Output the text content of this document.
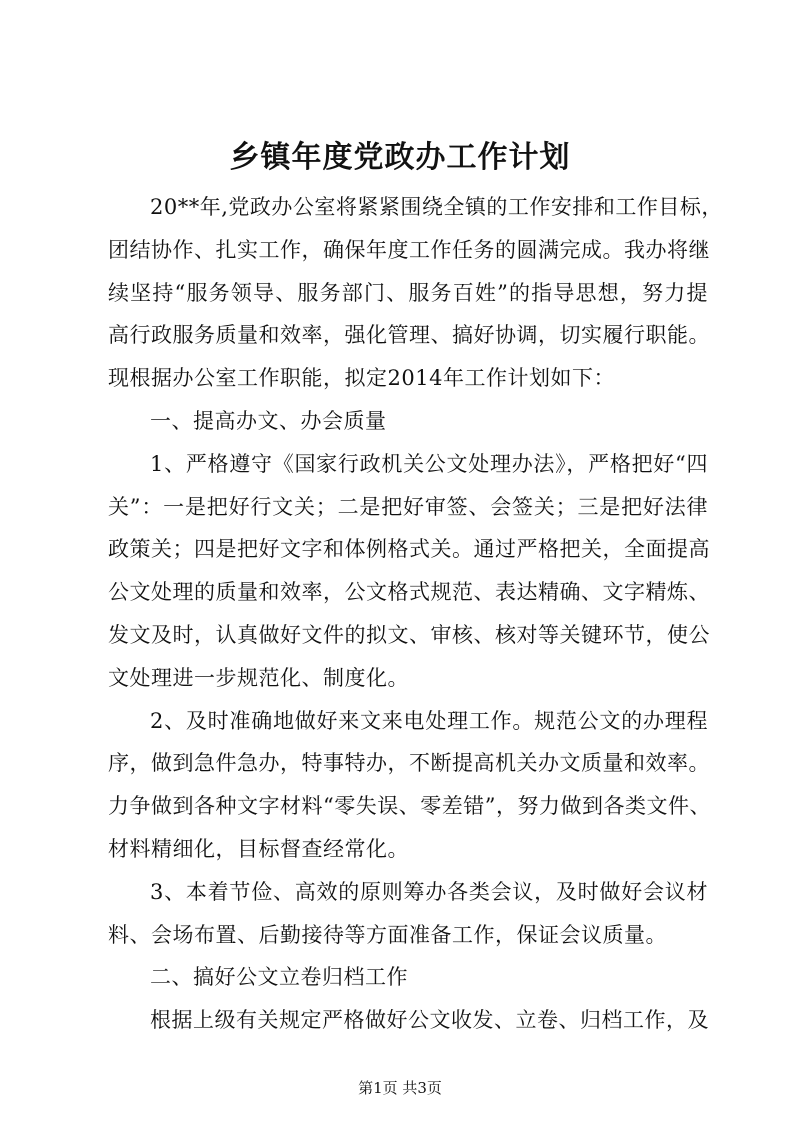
乡镇年度党政办工作计划
20**年,党政办公室将紧紧围绕全镇的工作安排和工作目标，
团结协作、扎实工作，确保年度工作任务的圆满完成。我办将继
续坚持“服务领导、服务部门、服务百姓”的指导思想，努力提
高行政服务质量和效率，强化管理、搞好协调，切实履行职能。
现根据办公室工作职能，拟定2014年工作计划如下：
一、提高办文、办会质量
1、严格遵守《国家行政机关公文处理办法》，严格把好“四
关”：一是把好行文关；二是把好审签、会签关；三是把好法律
政策关；四是把好文字和体例格式关。通过严格把关，全面提高
公文处理的质量和效率，公文格式规范、表达精确、文字精炼、
发文及时，认真做好文件的拟文、审核、核对等关键环节，使公
文处理进一步规范化、制度化。
2、及时准确地做好来文来电处理工作。规范公文的办理程
序，做到急件急办，特事特办，不断提高机关办文质量和效率。
力争做到各种文字材料“零失误、零差错”，努力做到各类文件、
材料精细化，目标督查经常化。
3、本着节俭、高效的原则筹办各类会议，及时做好会议材
料、会场布置、后勤接待等方面准备工作，保证会议质量。
二、搞好公文立卷归档工作
根据上级有关规定严格做好公文收发、立卷、归档工作，及
第1页 共3页
